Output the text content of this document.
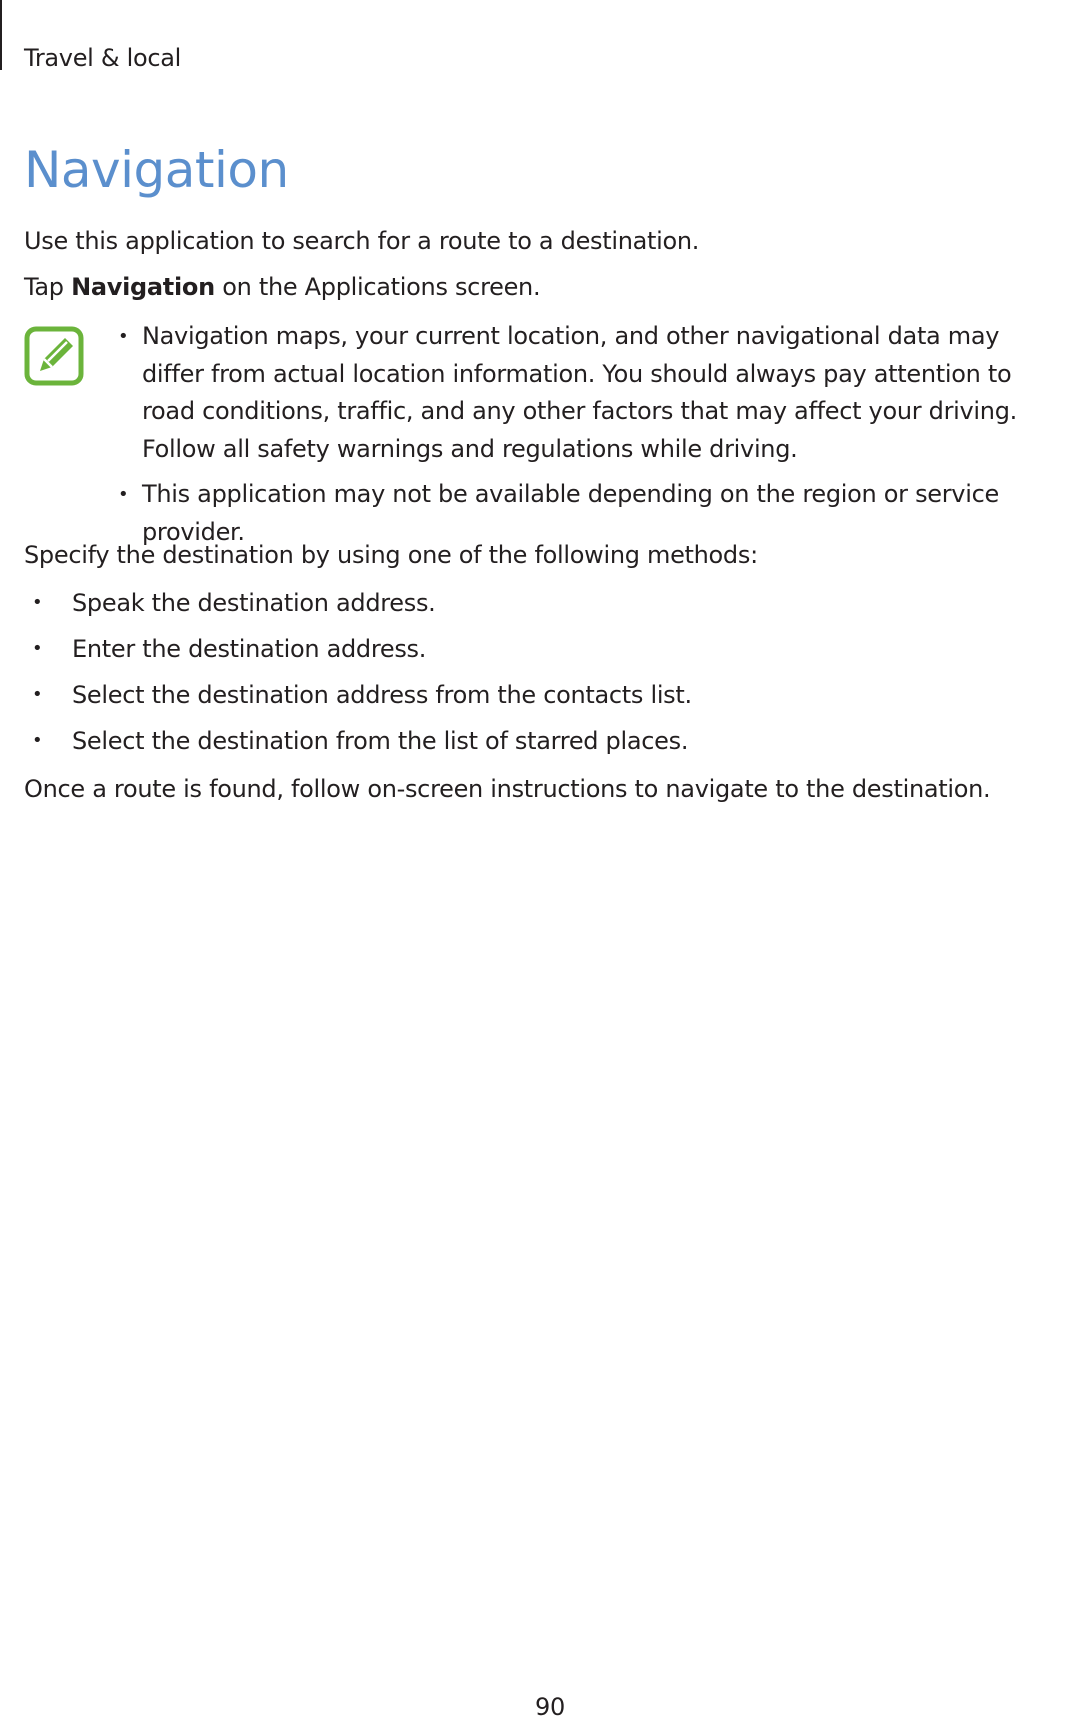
Travel & local
Navigation

Use this application to search for a route to a destination.

Tap Navigation on the Applications screen.

• Navigation maps, your current location, and other navigational data may differ from actual location information. You should always pay attention to road conditions, traffic, and any other factors that may affect your driving. Follow all safety warnings and regulations while driving.
• This application may not be available depending on the region or service provider.

Specify the destination by using one of the following methods:

• Speak the destination address.
• Enter the destination address.
• Select the destination address from the contacts list.
• Select the destination from the list of starred places.

Once a route is found, follow on-screen instructions to navigate to the destination.

90
